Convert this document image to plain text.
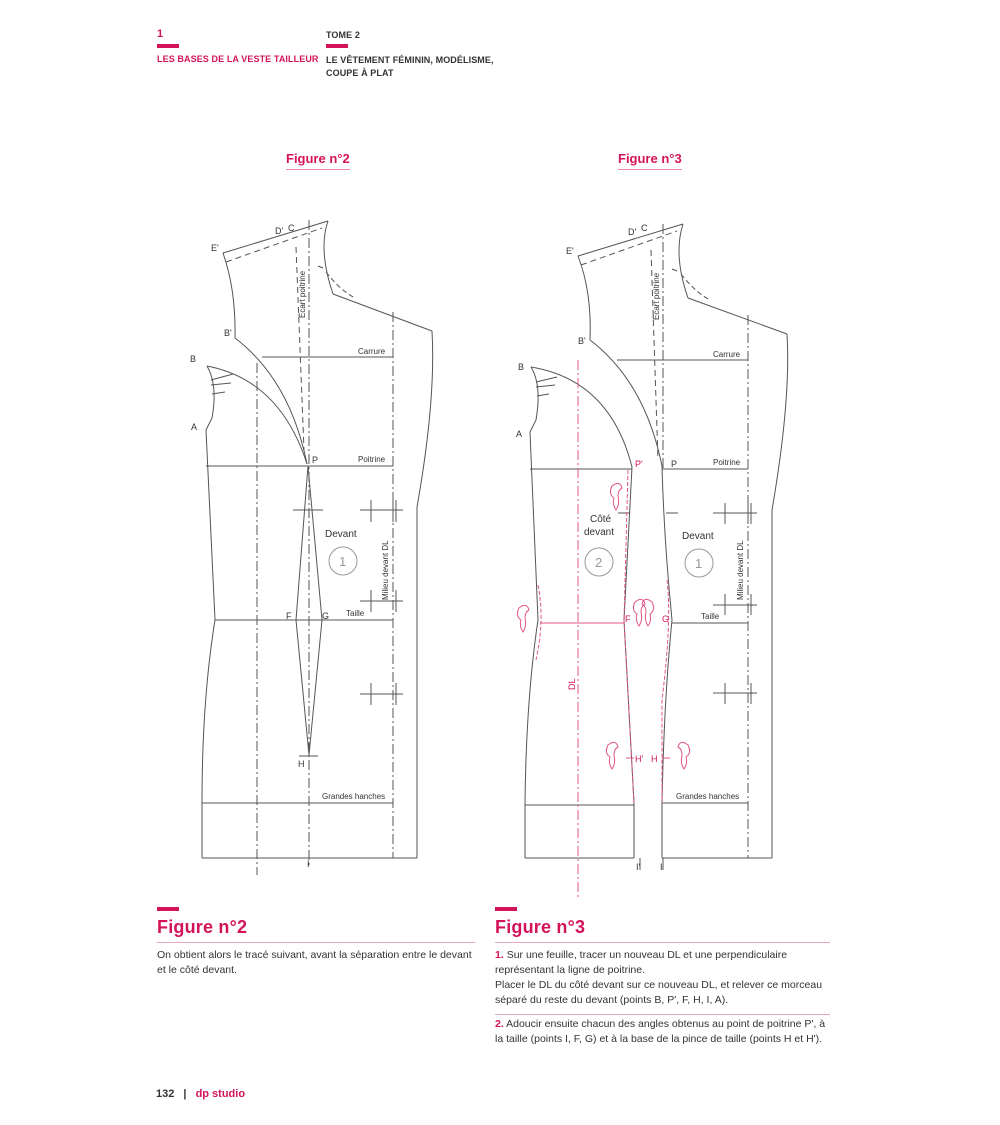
1
LES BASES DE LA VESTE TAILLEUR
TOME 2
LE VÊTEMENT FÉMININ, MODÉLISME,
COUPE À PLAT
Figure n°2	Figure n°3
E'
D' C
B'
B
A
P
F	G
H
I
Carrure
Poitrine
Taille
Grandes hanches
Écart poitrine
Milieu devant DL
Devant
1
E'
D' C
B'
B
A
P
P'
F	G
H' H
I' I
DL
Carrure
Poitrine
Taille
Grandes hanches
Écart poitrine
Milieu devant DL
Devant
1
Côté
devant
2
Figure n°2

On obtient alors le tracé suivant, avant la séparation entre le devant et le côté devant.

Figure n°3

1. Sur une feuille, tracer un nouveau DL et une perpendiculaire représentant la ligne de poitrine.
Placer le DL du côté devant sur ce nouveau DL, et relever ce morceau séparé du reste du devant (points B, P', F, H, I, A).

2. Adoucir ensuite chacun des angles obtenus au point de poitrine P', à la taille (points I, F, G) et à la base de la pince de taille (points H et H').

132 | dp studio
